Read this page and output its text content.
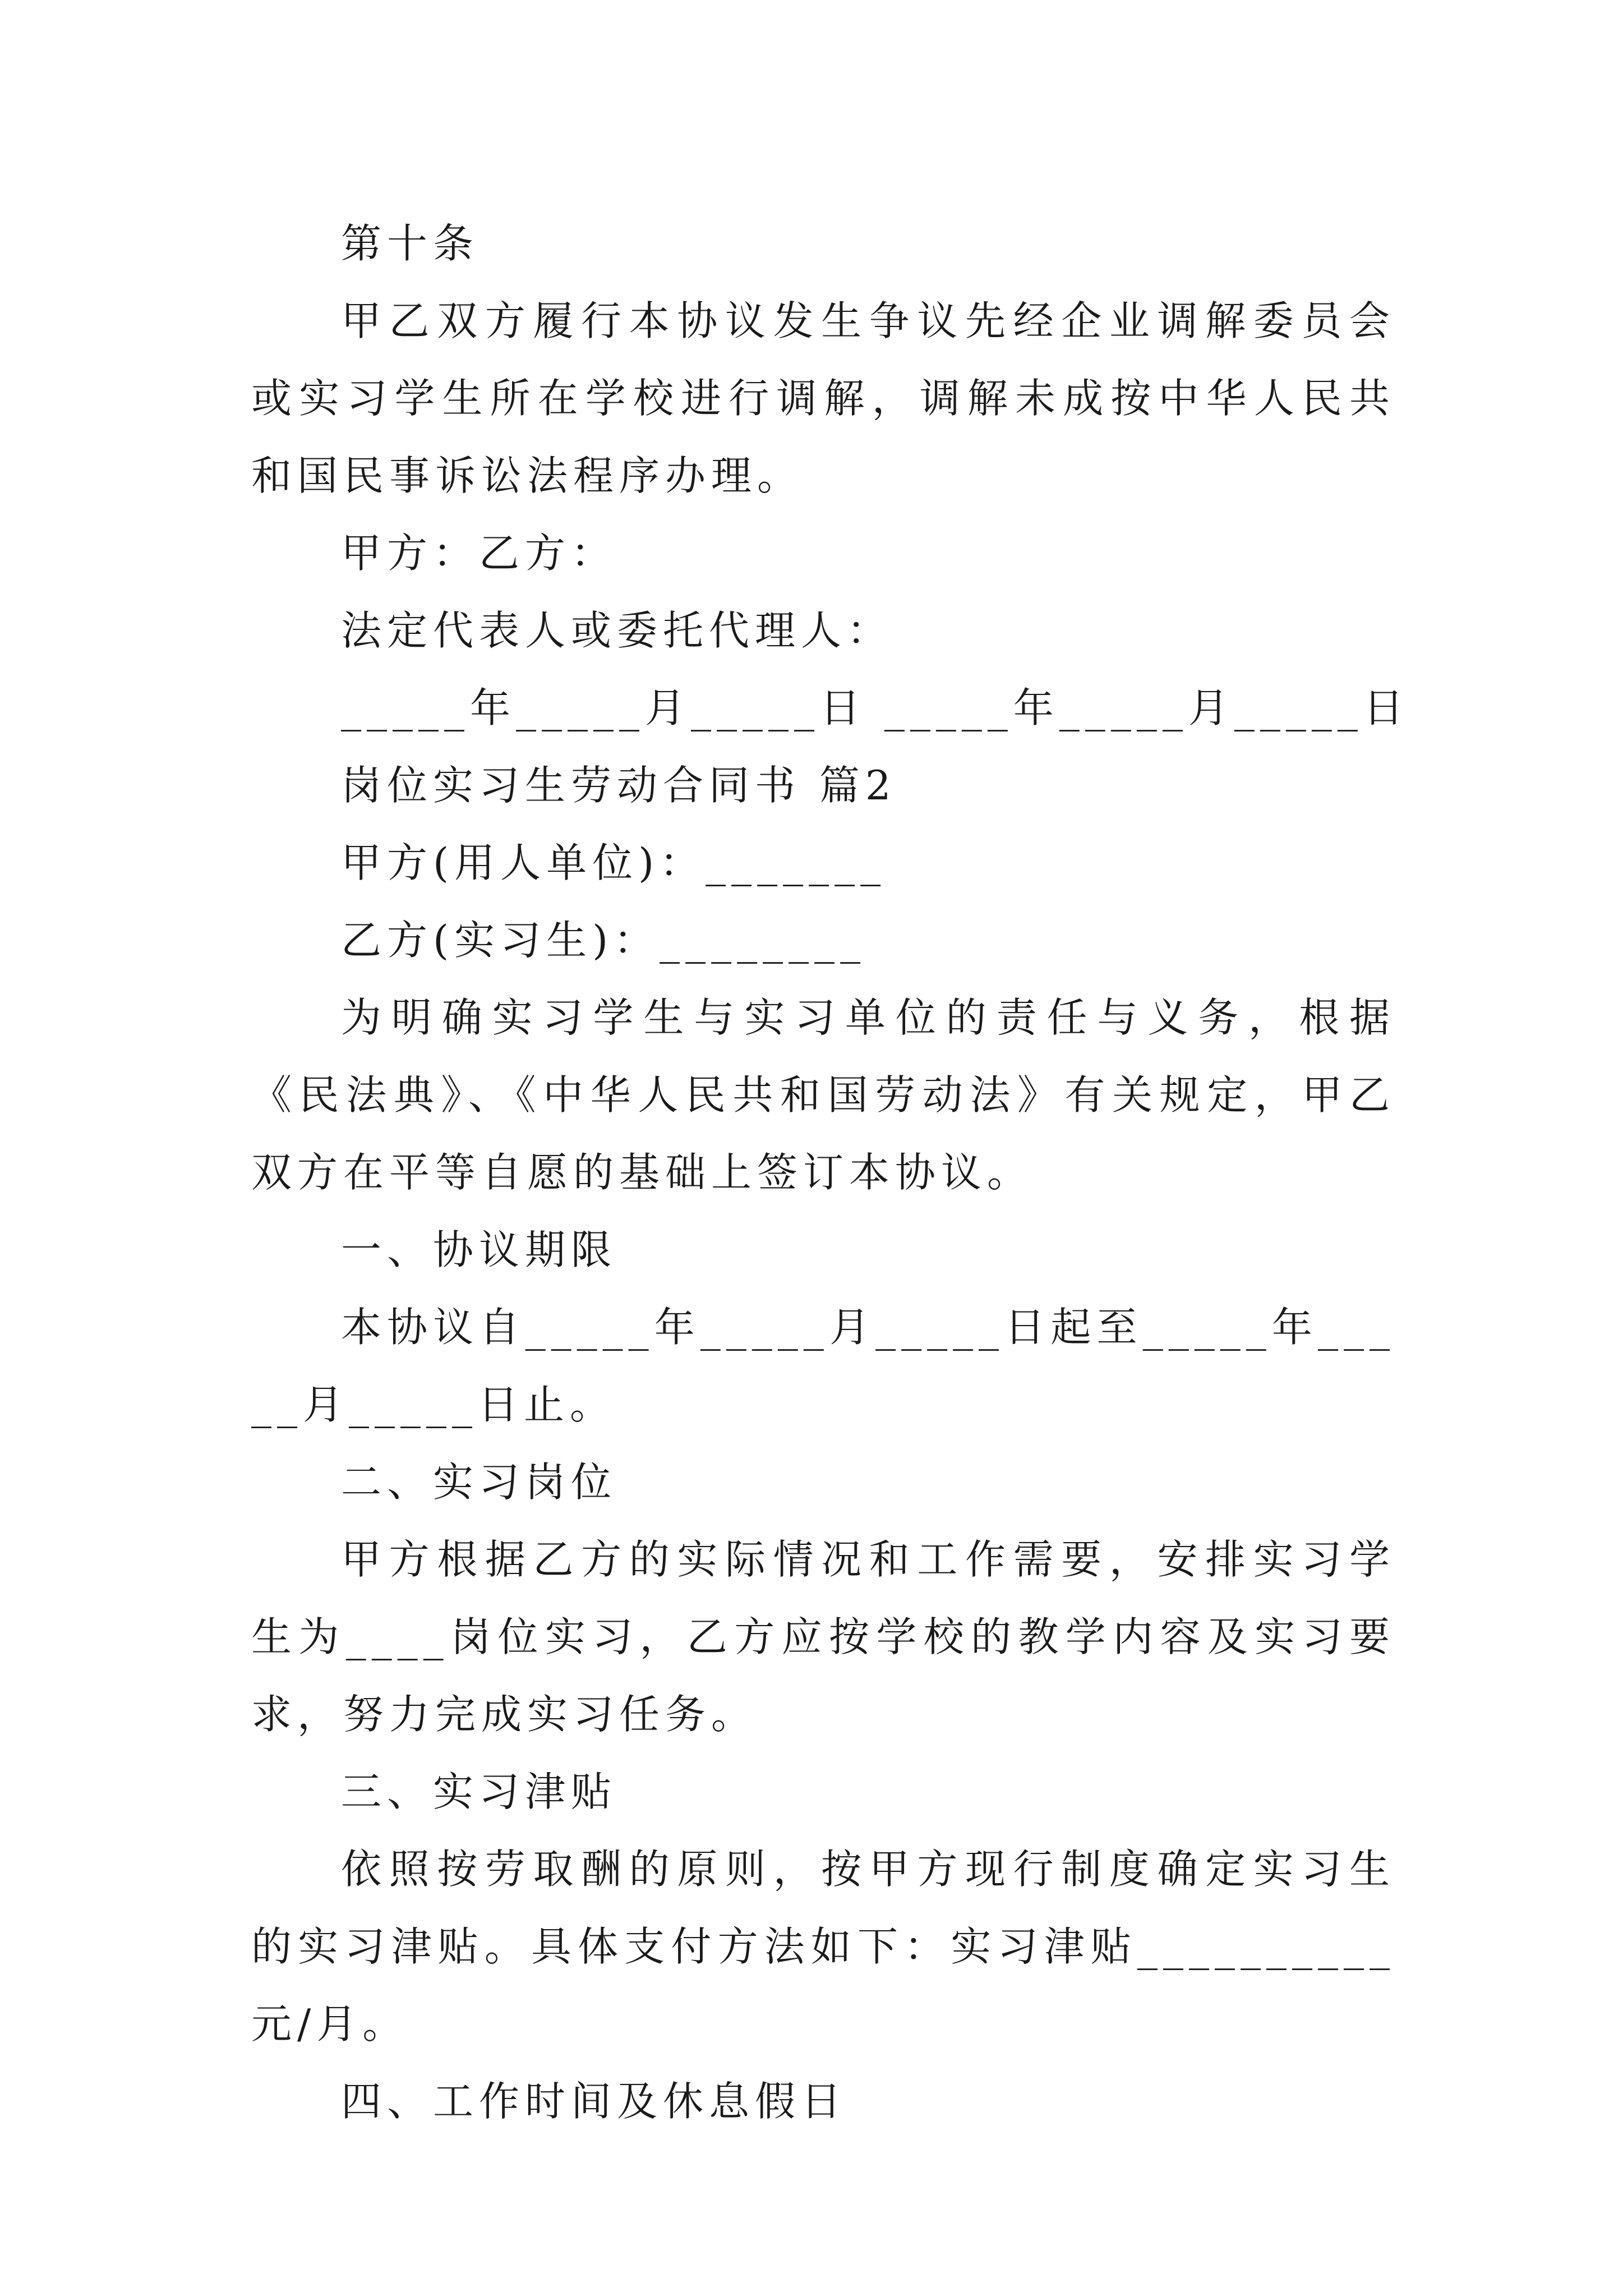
第十条

甲乙双方履行本协议发生争议先经企业调解委员会或实习学生所在学校进行调解，调解未成按中华人民共和国民事诉讼法程序办理。

甲方：乙方：

法定代表人或委托代理人：

_____年_____月_____日 _____年_____月_____日

岗位实习生劳动合同书 篇2

甲方(用人单位)：_______

乙方(实习生)：________

为明确实习学生与实习单位的责任与义务，根据《民法典》、《中华人民共和国劳动法》有关规定，甲乙双方在平等自愿的基础上签订本协议。

一、协议期限

本协议自_____年_____月_____日起至_____年_____月_____日止。

二、实习岗位

甲方根据乙方的实际情况和工作需要，安排实习学生为____岗位实习，乙方应按学校的教学内容及实习要求，努力完成实习任务。

三、实习津贴

依照按劳取酬的原则，按甲方现行制度确定实习生的实习津贴。具体支付方法如下：实习津贴__________元/月。

四、工作时间及休息假日
